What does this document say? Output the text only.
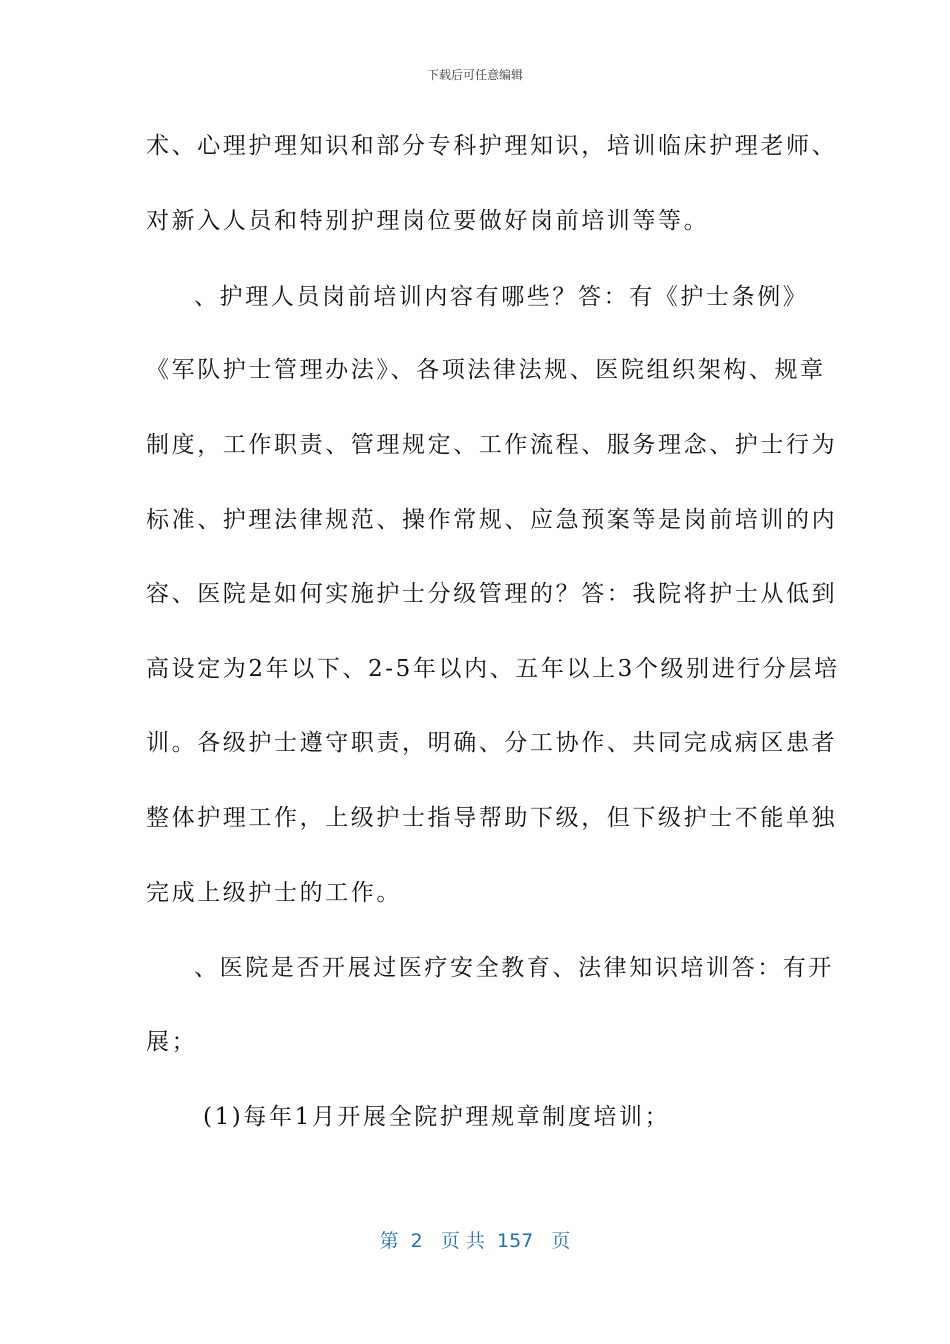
下载后可任意编辑
术、心理护理知识和部分专科护理知识，培训临床护理老师、
对新入人员和特别护理岗位要做好岗前培训等等。
、护理人员岗前培训内容有哪些？答：有《护士条例》
《军队护士管理办法》、各项法律法规、医院组织架构、规章
制度，工作职责、管理规定、工作流程、服务理念、护士行为
标准、护理法律规范、操作常规、应急预案等是岗前培训的内
容、医院是如何实施护士分级管理的？答：我院将护士从低到
高设定为2年以下、2-5年以内、五年以上3个级别进行分层培
训。各级护士遵守职责，明确、分工协作、共同完成病区患者
整体护理工作，上级护士指导帮助下级，但下级护士不能单独
完成上级护士的工作。
、医院是否开展过医疗安全教育、法律知识培训答：有开
展；
(1)每年1月开展全院护理规章制度培训；
第  2   页 共  157   页
